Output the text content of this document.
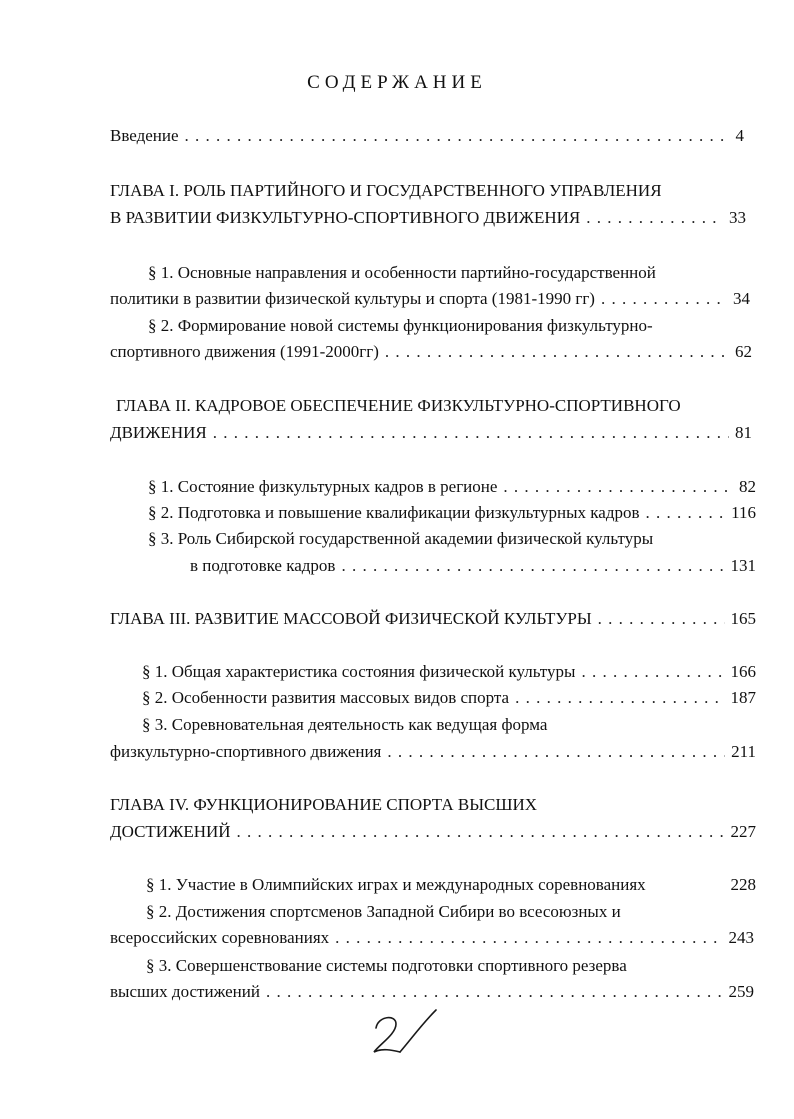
СОДЕРЖАНИЕ
Введение . . .	4
ГЛАВА I. РОЛЬ ПАРТИЙНОГО И ГОСУДАРСТВЕННОГО УПРАВЛЕНИЯ
В РАЗВИТИИ ФИЗКУЛЬТУРНО-СПОРТИВНОГО ДВИЖЕНИЯ . . .	33
§ 1. Основные направления и особенности партийно-государственной
политики в развитии физической культуры и спорта (1981-1990 гг) . . .	34
§ 2. Формирование новой системы функционирования физкультурно-
спортивного движения (1991-2000гг) . . .	62
ГЛАВА II. КАДРОВОЕ ОБЕСПЕЧЕНИЕ ФИЗКУЛЬТУРНО-СПОРТИВНОГО
ДВИЖЕНИЯ . . .	81
§ 1. Состояние физкультурных кадров в регионе . . .	82
§ 2. Подготовка и повышение квалификации физкультурных кадров . . .	116
§ 3. Роль Сибирской государственной академии физической культуры
в подготовке кадров . . .	131
ГЛАВА III. РАЗВИТИЕ МАССОВОЙ ФИЗИЧЕСКОЙ КУЛЬТУРЫ . . .	165
§ 1. Общая характеристика состояния физической культуры . . .	166
§ 2. Особенности развития массовых видов спорта . . .	187
§ 3. Соревновательная деятельность как ведущая форма
физкультурно-спортивного движения . . .	211
ГЛАВА IV. ФУНКЦИОНИРОВАНИЕ СПОРТА ВЫСШИХ
ДОСТИЖЕНИЙ . . .	227
§ 1. Участие в Олимпийских играх и международных соревнованиях	228
§ 2. Достижения спортсменов Западной Сибири во всесоюзных и
всероссийских соревнованиях . . .	243
§ 3. Совершенствование системы подготовки спортивного резерва
высших достижений . . .	259
